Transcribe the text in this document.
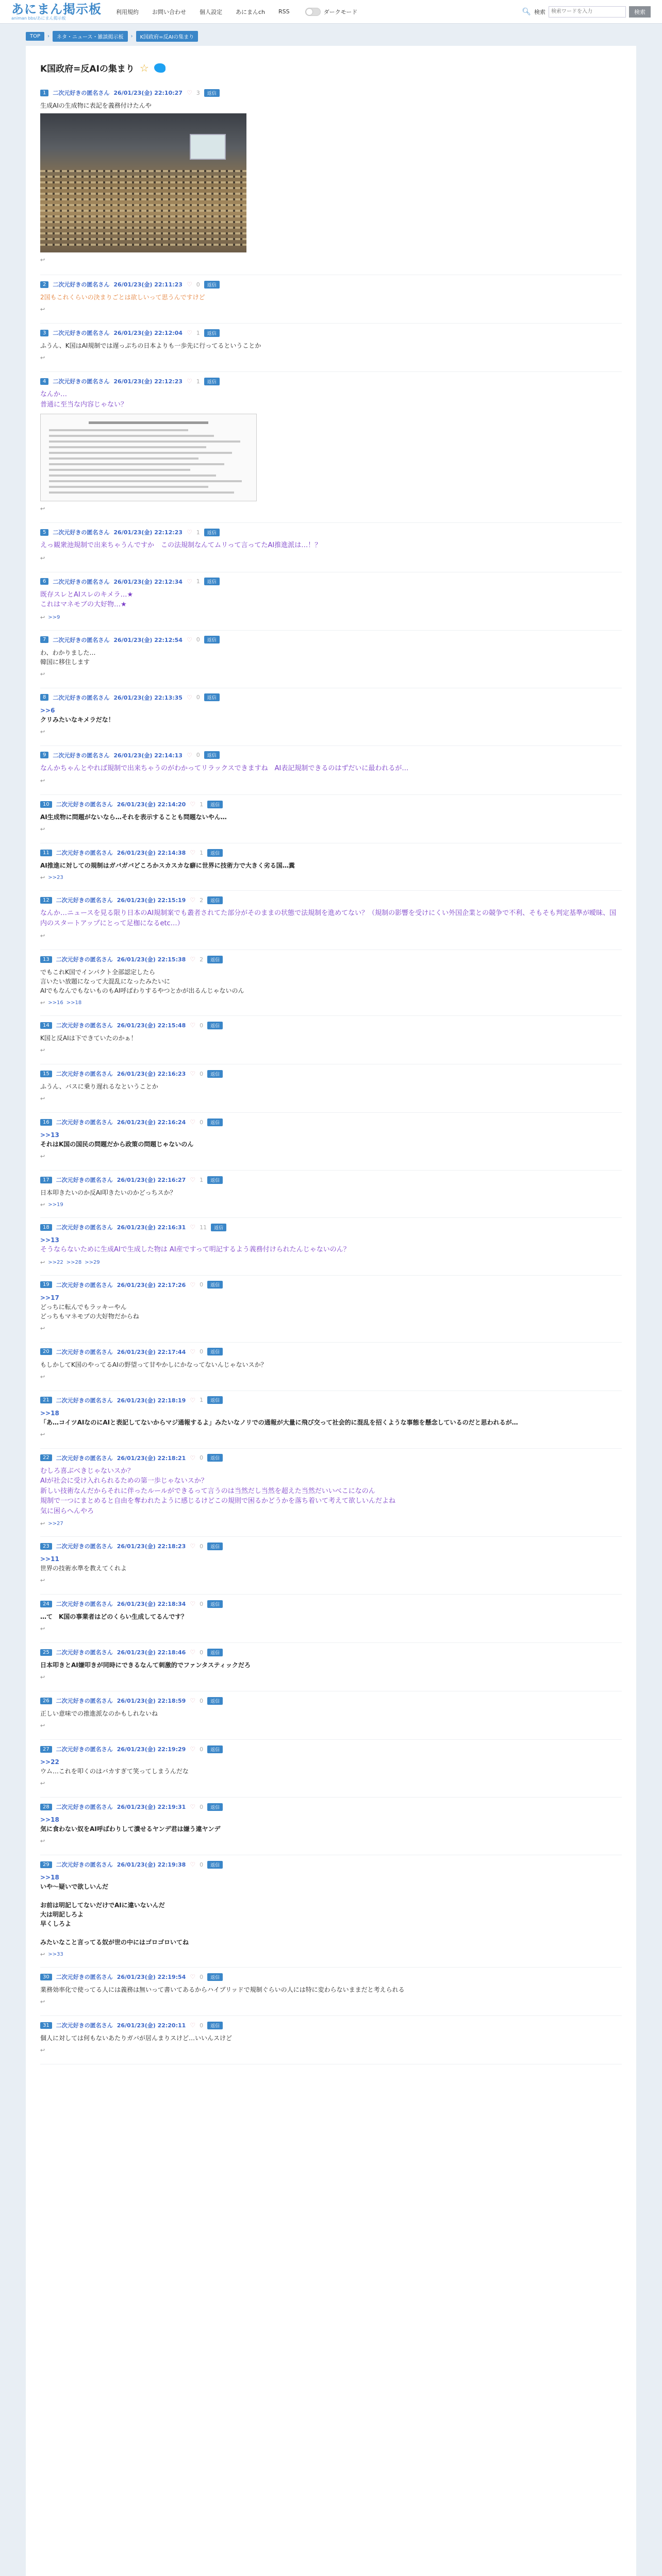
あにまん掲示板
animan bbs/あにまん掲示板
利用規約 お問い合わせ 個人設定 あにまんch RSS	ダークモード	🔍︎ 検索
検索ワードを入力	検索
TOP	›	ネタ・ニュース・雑談掲示板	›	K国政府=反AIの集まり
K国政府=反AIの集まり ☆
1	二次元好きの匿名さん 26/01/23(金) 22:10:27 ♡ 3	返信
生成AIの生成物に表記を義務付けたんや
↩
2	二次元好きの匿名さん 26/01/23(金) 22:11:23 ♡ 0	返信
2国もこれくらいの決まりごとは欲しいって思うんですけど
↩
3	二次元好きの匿名さん 26/01/23(金) 22:12:04 ♡ 1	返信
ふうん、K国はAI規制では遅っぷちの日本よりも一歩先に行ってるということか
↩
4	二次元好きの匿名さん 26/01/23(金) 22:12:23 ♡ 1	返信
なんか…
普通に至当な内容じゃない？
↩
5	二次元好きの匿名さん 26/01/23(金) 22:12:23 ♡ 1	返信
えっ観衆池規制で出来ちゃうんですか　この法規制なんてムリって言ってたAI推進派は…！？
↩
6	二次元好きの匿名さん 26/01/23(金) 22:12:34 ♡ 1	返信
既存スレとAIスレのキメラ…★
これはマネモブの大好物…★
↩ >>9
7	二次元好きの匿名さん 26/01/23(金) 22:12:54 ♡ 0	返信
わ、わかりました…
韓国に移住します
↩
8	二次元好きの匿名さん 26/01/23(金) 22:13:35 ♡ 0	返信
>>6
クリみたいなキメラだな！
↩
9	二次元好きの匿名さん 26/01/23(金) 22:14:13 ♡ 0	返信
なんかちゃんとやれば規制で出来ちゃうのがわかってリラックスできますね　AI表記規制できるのはずだいに最われるが…
↩
10	二次元好きの匿名さん 26/01/23(金) 22:14:20 ♡ 1	返信
AI生成物に問題がないなら…それを表示することも問題ないやん…
↩
11	二次元好きの匿名さん 26/01/23(金) 22:14:38 ♡ 1	返信
AI推進に対しての規制はガバガバどころかスカスカな癖に世界に技術力で大きく劣る国…糞
↩ >>23
12	二次元好きの匿名さん 26/01/23(金) 22:15:19 ♡ 2	返信
なんか…ニュースを見る限り日本のAI規制案でも叢者されてた部分がそのままの状態で法規制を進めてない？（規制の影響を受けにくい外国企業との競争で不利、そもそも判定基準が曖昧、国内のスタートアップにとって足枷になるetc…）
↩
13	二次元好きの匿名さん 26/01/23(金) 22:15:38 ♡ 2	返信
でもこれK国でインパクト全部認定したら
言いたい放題になって大混乱になったみたいに
AIでもなんでもないものもAI呼ばわりするやつとかが出るんじゃないのん
↩ >>16 >>18
14	二次元好きの匿名さん 26/01/23(金) 22:15:48 ♡ 0	返信
K国と反AIは下できていたのかぁ！
↩
15	二次元好きの匿名さん 26/01/23(金) 22:16:23 ♡ 0	返信
ふうん、バスに乗り遅れるなということか
↩
16	二次元好きの匿名さん 26/01/23(金) 22:16:24 ♡ 0	返信
>>13
それはK国の国民の問題だから政策の問題じゃないのん
↩
17	二次元好きの匿名さん 26/01/23(金) 22:16:27 ♡ 1	返信
日本叩きたいのか反AI叩きたいのかどっちスか？
↩ >>19
18	二次元好きの匿名さん 26/01/23(金) 22:16:31 ♡ 11	返信
>>13
そうならないために生成AIで生成した物は AI産ですって明記するよう義務付けられたんじゃないのん？
↩ >>22 >>28 >>29
19	二次元好きの匿名さん 26/01/23(金) 22:17:26 ♡ 0	返信
>>17
どっちに転んでもラッキーやん
どっちもマネモブの大好物だからね
↩
20	二次元好きの匿名さん 26/01/23(金) 22:17:44 ♡ 0	返信
もしかしてK国のやってるAIの野望って甘やかしにかなってないんじゃないスか？
↩
21	二次元好きの匿名さん 26/01/23(金) 22:18:19 ♡ 1	返信
>>18
「あ…コイツAIなのにAIと表記してないからマジ通報するよ」みたいなノリでの通報が大量に飛び交って社会的に混乱を招くような事態を懸念しているのだと思われるが…
↩
22	二次元好きの匿名さん 26/01/23(金) 22:18:21 ♡ 0	返信
むしろ喜ぶべきじゃないスか？
AIが社会に受け入れられるための第一歩じゃないスか？
新しい技術なんだからそれに伴ったルールができるって言うのは当然だし当然を超えた当然だいいべこになのん
規制で一つにまとめると自由を奪われたように感じるけどこの規則で困るかどうかを落ち着いて考えて欲しいんだよね
気に困らへんやろ
↩ >>27
23	二次元好きの匿名さん 26/01/23(金) 22:18:23 ♡ 0	返信
>>11
世界の技術水準を教えてくれよ
↩
24	二次元好きの匿名さん 26/01/23(金) 22:18:34 ♡ 0	返信
…て　K国の事業者はどのくらい生成してるんです？
↩
25	二次元好きの匿名さん 26/01/23(金) 22:18:46 ♡ 0	返信
日本叩きとAI嫌叩きが同時にできるなんて刺激的でファンタスティックだろ
↩
26	二次元好きの匿名さん 26/01/23(金) 22:18:59 ♡ 0	返信
正しい意味での推進派なのかもしれないね
↩
27	二次元好きの匿名さん 26/01/23(金) 22:19:29 ♡ 0	返信
>>22
ウム…これを叩くのはバカすぎて笑ってしまうんだな
↩
28	二次元好きの匿名さん 26/01/23(金) 22:19:31 ♡ 0	返信
>>18
気に食わない奴をAI呼ばわりして潰せるヤンデ君は嫌う違ヤンデ
↩
29	二次元好きの匿名さん 26/01/23(金) 22:19:38 ♡ 0	返信
>>18
いや〜疑いで欲しいんだ

お前は明記してないだけでAIに違いないんだ
大は明記しろよ
早くしろよ

みたいなこと言ってる奴が世の中にはゴロゴロいてね
↩ >>33
30	二次元好きの匿名さん 26/01/23(金) 22:19:54 ♡ 0	返信
業務効率化で使ってる人には義務は無いって書いてあるからハイブリッドで規制ぐらいの人には特に変わらないままだと考えられる
↩
31	二次元好きの匿名さん 26/01/23(金) 22:20:11 ♡ 0	返信
個人に対しては何もないあたりガバが居んまりスけど…いいんスけど
↩
